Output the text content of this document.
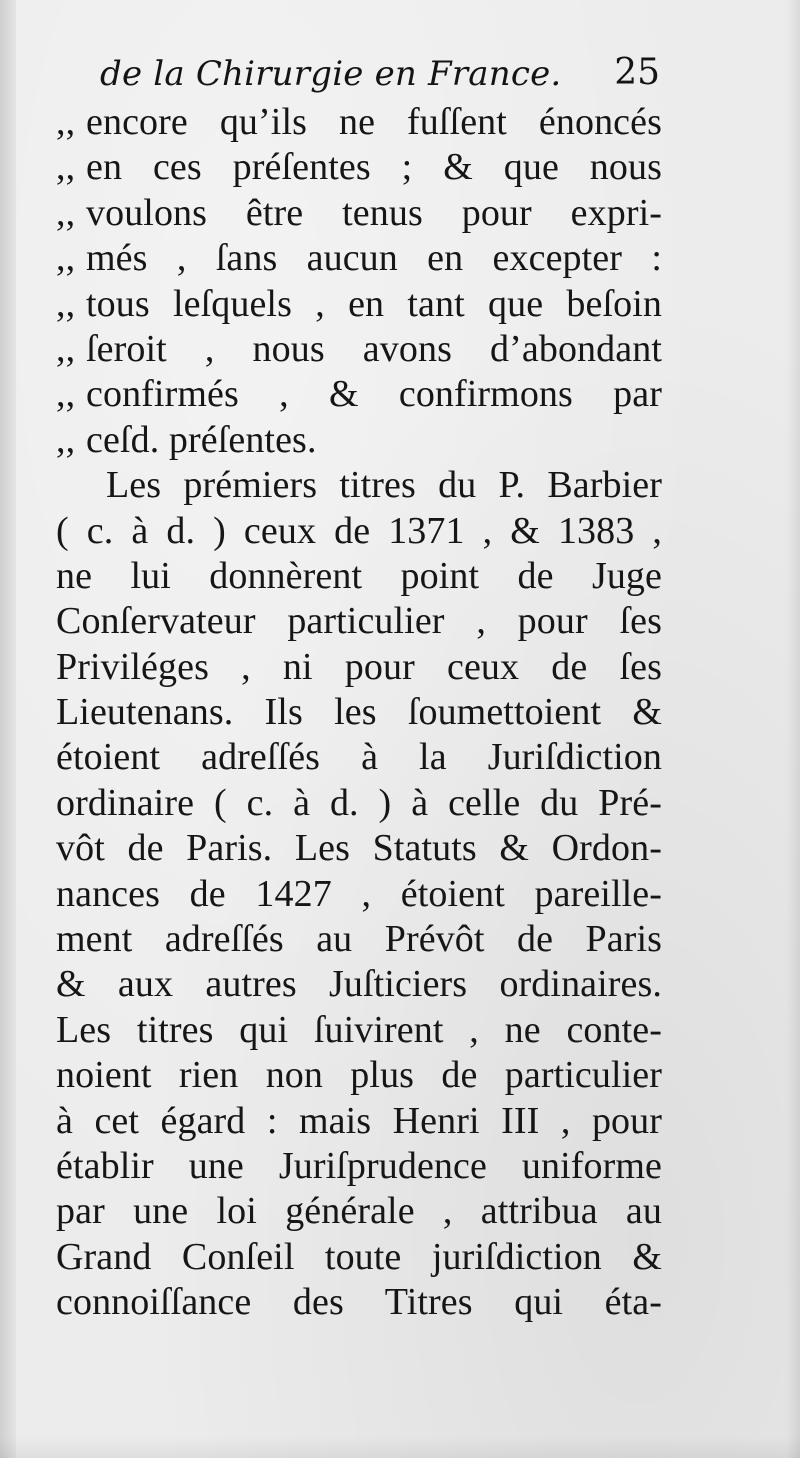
de la Chirurgie en France. 25
,, encore qu’ils ne fuſſent énoncés
,, en ces préſentes ; & que nous
,, voulons être tenus pour expri-
,, més , ſans aucun en excepter :
,, tous leſquels , en tant que beſoin
,, ſeroit , nous avons d’abondant
,, confirmés , & confirmons par
,, ceſd. préſentes.
Les prémiers titres du P. Barbier
( c. à d. ) ceux de 1371 , & 1383 ,
ne lui donnèrent point de Juge
Conſervateur particulier , pour ſes
Priviléges , ni pour ceux de ſes
Lieutenans. Ils les ſoumettoient &
étoient adreſſés à la Juriſdiction
ordinaire ( c. à d. ) à celle du Pré-
vôt de Paris. Les Statuts & Ordon-
nances de 1427 , étoient pareille-
ment adreſſés au Prévôt de Paris
& aux autres Juſticiers ordinaires.
Les titres qui ſuivirent , ne conte-
noient rien non plus de particulier
à cet égard : mais Henri III , pour
établir une Juriſprudence uniforme
par une loi générale , attribua au
Grand Conſeil toute juriſdiction &
connoiſſance des Titres qui éta-
